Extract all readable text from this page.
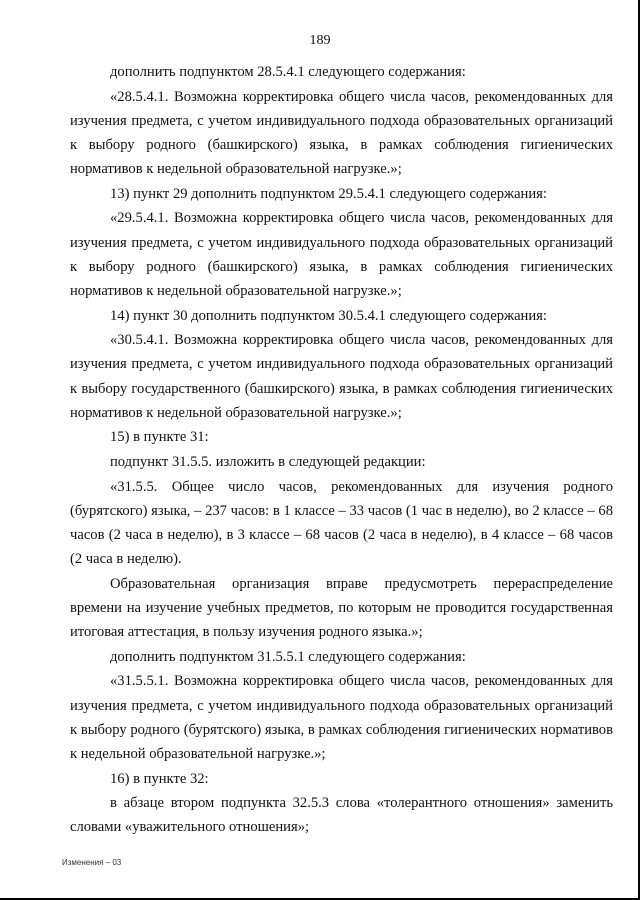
189

дополнить подпунктом 28.5.4.1 следующего содержания:

«28.5.4.1. Возможна корректировка общего числа часов, рекомендованных для изучения предмета, с учетом индивидуального подхода образовательных организаций к выбору родного (башкирского) языка, в рамках соблюдения гигиенических нормативов к недельной образовательной нагрузке.»;

13) пункт 29 дополнить подпунктом 29.5.4.1 следующего содержания:

«29.5.4.1. Возможна корректировка общего числа часов, рекомендованных для изучения предмета, с учетом индивидуального подхода образовательных организаций к выбору родного (башкирского) языка, в рамках соблюдения гигиенических нормативов к недельной образовательной нагрузке.»;

14) пункт 30 дополнить подпунктом 30.5.4.1 следующего содержания:

«30.5.4.1. Возможна корректировка общего числа часов, рекомендованных для изучения предмета, с учетом индивидуального подхода образовательных организаций к выбору государственного (башкирского) языка, в рамках соблюдения гигиенических нормативов к недельной образовательной нагрузке.»;

15) в пункте 31:

подпункт 31.5.5. изложить в следующей редакции:

«31.5.5. Общее число часов, рекомендованных для изучения родного (бурятского) языка, – 237 часов: в 1 классе – 33 часов (1 час в неделю), во 2 классе – 68 часов (2 часа в неделю), в 3 классе – 68 часов (2 часа в неделю), в 4 классе – 68 часов (2 часа в неделю).

Образовательная организация вправе предусмотреть перераспределение времени на изучение учебных предметов, по которым не проводится государственная итоговая аттестация, в пользу изучения родного языка.»;

дополнить подпунктом 31.5.5.1 следующего содержания:

«31.5.5.1. Возможна корректировка общего числа часов, рекомендованных для изучения предмета, с учетом индивидуального подхода образовательных организаций к выбору родного (бурятского) языка, в рамках соблюдения гигиенических нормативов к недельной образовательной нагрузке.»;

16) в пункте 32:

в абзаце втором подпункта 32.5.3 слова «толерантного отношения» заменить словами «уважительного отношения»;

Изменения – 03
